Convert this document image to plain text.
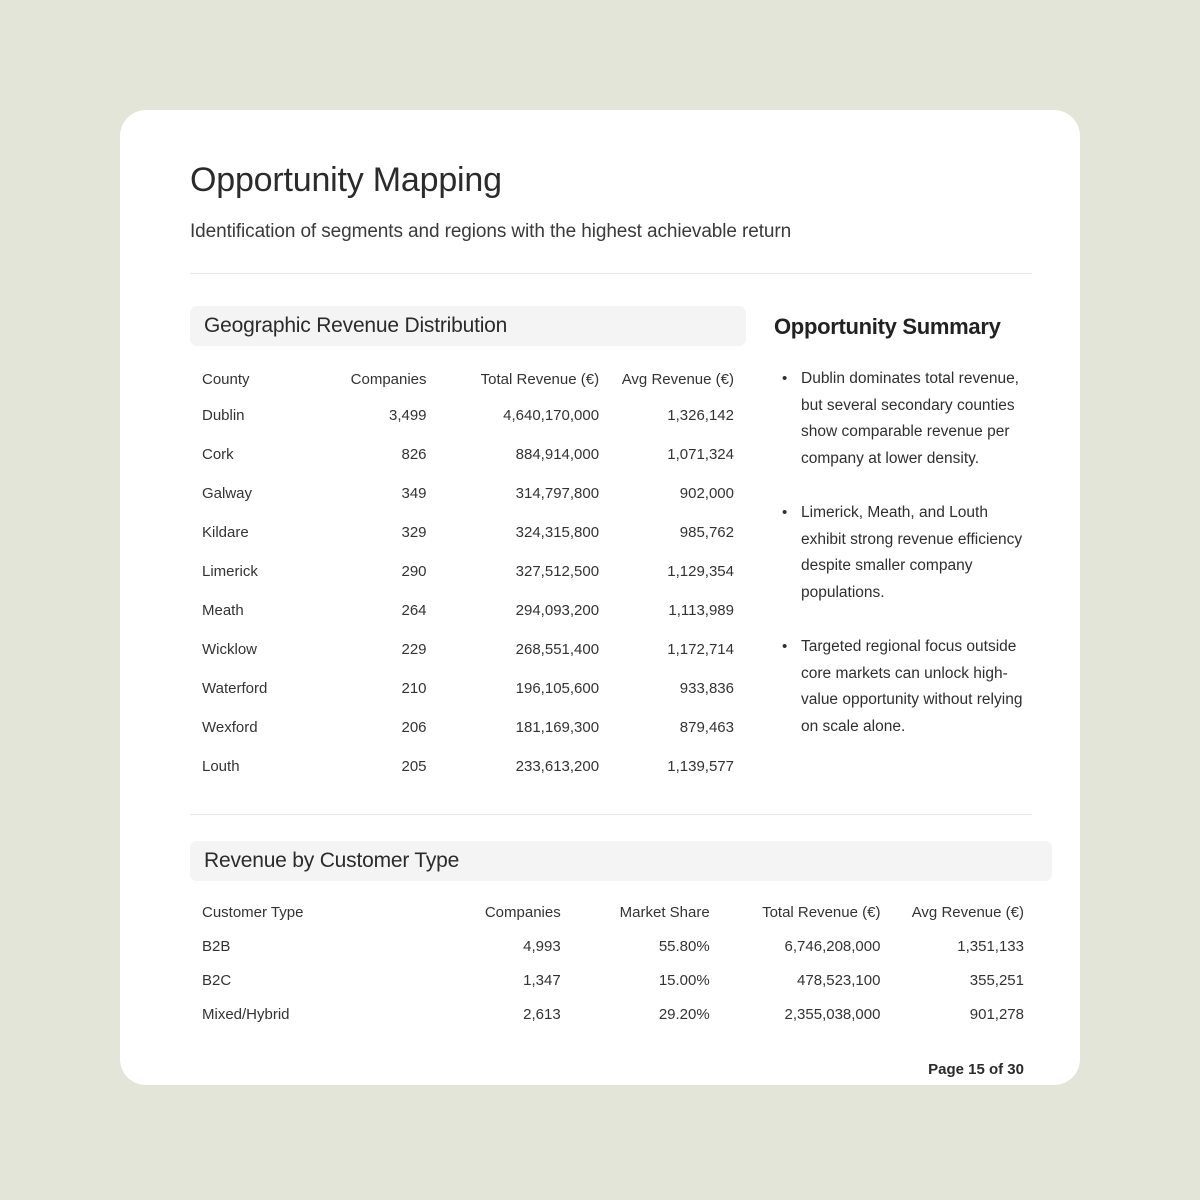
Opportunity Mapping

Identification of segments and regions with the highest achievable return

Geographic Revenue Distribution
County	Companies	Total Revenue (€)	Avg Revenue (€)
Dublin	3,499	4,640,170,000	1,326,142
Cork	826	884,914,000	1,071,324
Galway	349	314,797,800	902,000
Kildare	329	324,315,800	985,762
Limerick	290	327,512,500	1,129,354
Meath	264	294,093,200	1,113,989
Wicklow	229	268,551,400	1,172,714
Waterford	210	196,105,600	933,836
Wexford	206	181,169,300	879,463
Louth	205	233,613,200	1,139,577
Opportunity Summary
• Dublin dominates total revenue, but several secondary counties show comparable revenue per company at lower density.
• Limerick, Meath, and Louth exhibit strong revenue efficiency despite smaller company populations.
• Targeted regional focus outside core markets can unlock high-value opportunity without relying on scale alone.
Revenue by Customer Type
Customer Type	Companies	Market Share	Total Revenue (€)	Avg Revenue (€)
B2B	4,993	55.80%	6,746,208,000	1,351,133
B2C	1,347	15.00%	478,523,100	355,251
Mixed/Hybrid	2,613	29.20%	2,355,038,000	901,278
Page 15 of 30
